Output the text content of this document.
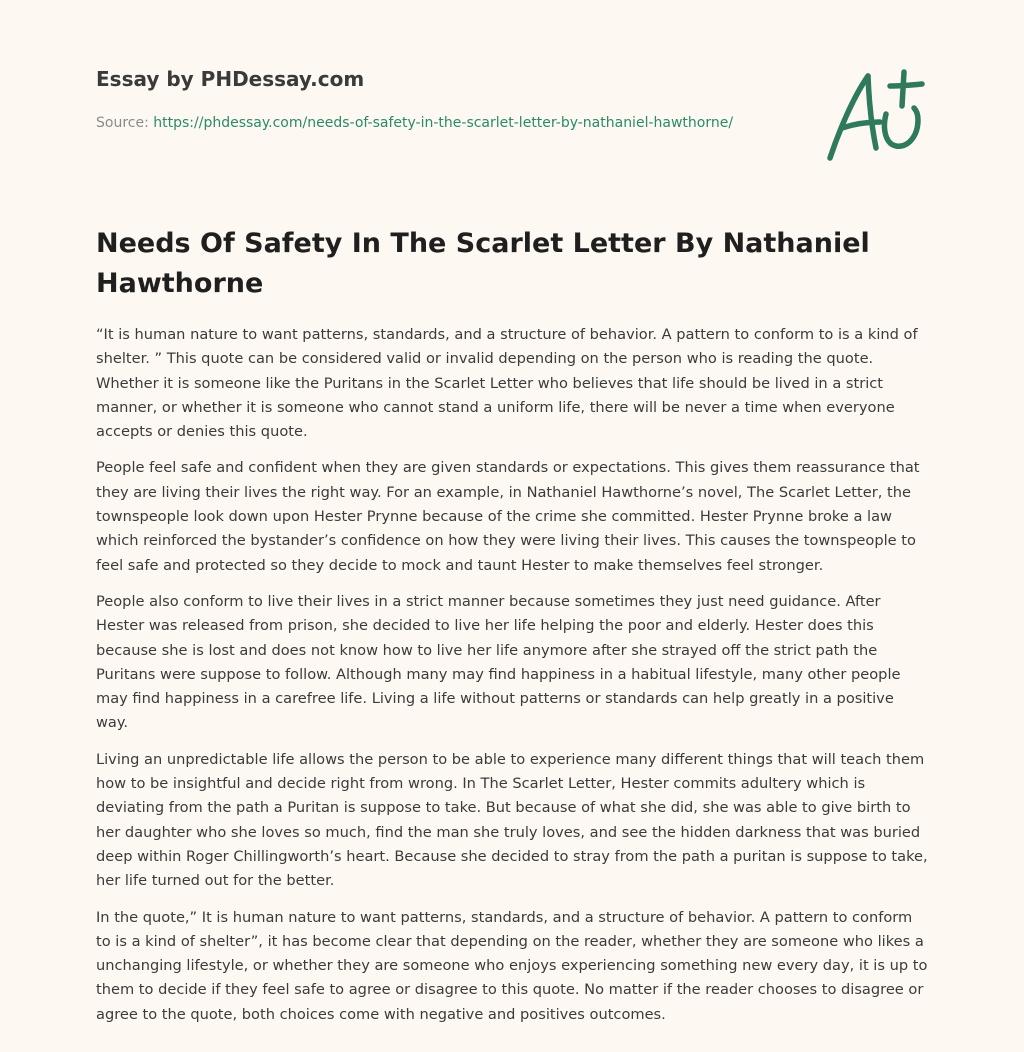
Essay by PHDessay.com
Source: https://phdessay.com/needs-of-safety-in-the-scarlet-letter-by-nathaniel-hawthorne/
Needs Of Safety In The Scarlet Letter By Nathaniel Hawthorne

“It is human nature to want patterns, standards, and a structure of behavior. A pattern to conform to is a kind of shelter. ” This quote can be considered valid or invalid depending on the person who is reading the quote. Whether it is someone like the Puritans in the Scarlet Letter who believes that life should be lived in a strict manner, or whether it is someone who cannot stand a uniform life, there will be never a time when everyone accepts or denies this quote.

People feel safe and confident when they are given standards or expectations. This gives them reassurance that they are living their lives the right way. For an example, in Nathaniel Hawthorne’s novel, The Scarlet Letter, the townspeople look down upon Hester Prynne because of the crime she committed. Hester Prynne broke a law which reinforced the bystander’s confidence on how they were living their lives. This causes the townspeople to feel safe and protected so they decide to mock and taunt Hester to make themselves feel stronger.

People also conform to live their lives in a strict manner because sometimes they just need guidance. After Hester was released from prison, she decided to live her life helping the poor and elderly. Hester does this because she is lost and does not know how to live her life anymore after she strayed off the strict path the Puritans were suppose to follow. Although many may find happiness in a habitual lifestyle, many other people may find happiness in a carefree life. Living a life without patterns or standards can help greatly in a positive way.

Living an unpredictable life allows the person to be able to experience many different things that will teach them how to be insightful and decide right from wrong. In The Scarlet Letter, Hester commits adultery which is deviating from the path a Puritan is suppose to take. But because of what she did, she was able to give birth to her daughter who she loves so much, find the man she truly loves, and see the hidden darkness that was buried deep within Roger Chillingworth’s heart. Because she decided to stray from the path a puritan is suppose to take, her life turned out for the better.

In the quote,” It is human nature to want patterns, standards, and a structure of behavior. A pattern to conform to is a kind of shelter”, it has become clear that depending on the reader, whether they are someone who likes a unchanging lifestyle, or whether they are someone who enjoys experiencing something new every day, it is up to them to decide if they feel safe to agree or disagree to this quote. No matter if the reader chooses to disagree or agree to the quote, both choices come with negative and positives outcomes.
